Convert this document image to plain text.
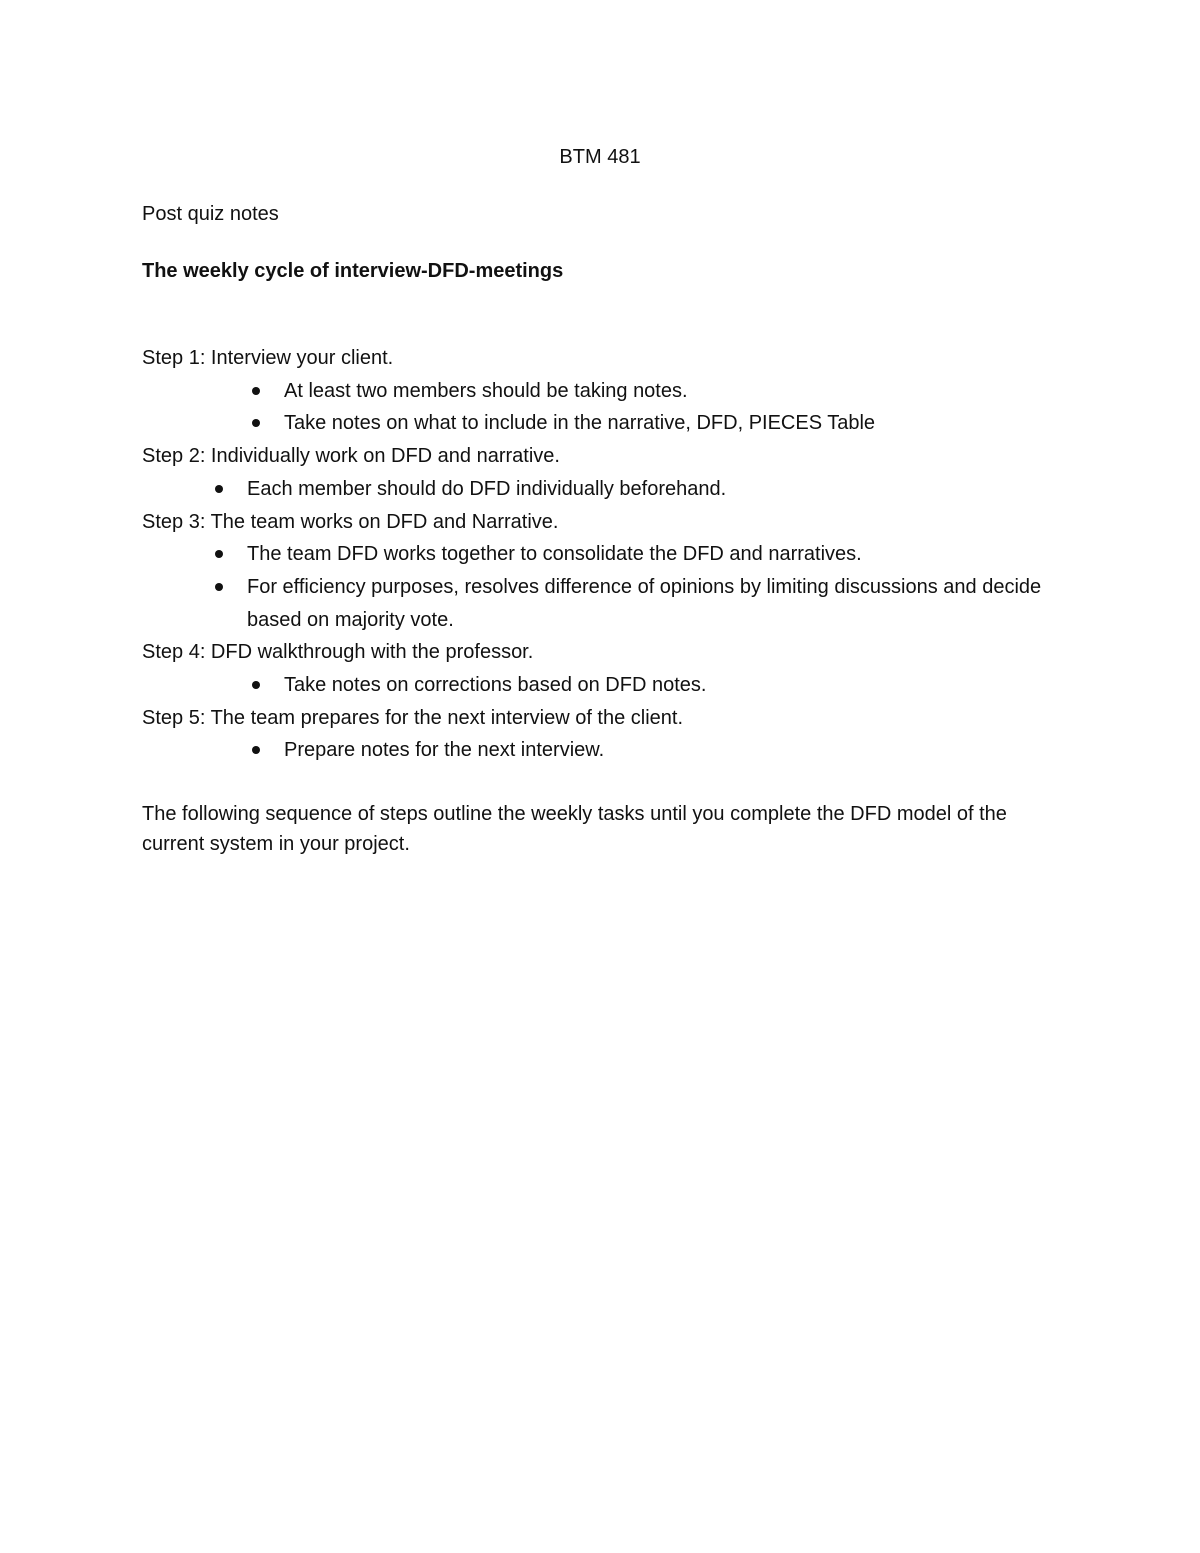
BTM 481
Post quiz notes
The weekly cycle of interview-DFD-meetings

Step 1: Interview your client.

At least two members should be taking notes.
Take notes on what to include in the narrative, DFD, PIECES Table

Step 2: Individually work on DFD and narrative.

Each member should do DFD individually beforehand.

Step 3: The team works on DFD and Narrative.

The team DFD works together to consolidate the DFD and narratives.
For efficiency purposes, resolves difference of opinions by limiting discussions and decide based on majority vote.

Step 4: DFD walkthrough with the professor.

Take notes on corrections based on DFD notes.

Step 5: The team prepares for the next interview of the client.

Prepare notes for the next interview.
The following sequence of steps outline the weekly tasks until you complete the DFD model of the current system in your project.
